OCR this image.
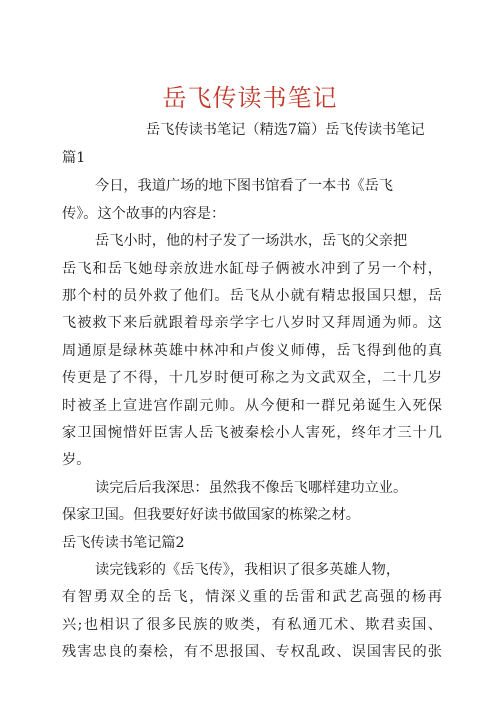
岳飞传读书笔记
岳飞传读书笔记（精选7篇）岳飞传读书笔记
篇1
今日，我道广场的地下图书馆看了一本书《岳飞
传》。这个故事的内容是：
岳飞小时，他的村子发了一场洪水，岳飞的父亲把
岳飞和岳飞她母亲放进水缸母子俩被水冲到了另一个村，
那个村的员外救了他们。岳飞从小就有精忠报国只想，岳
飞被救下来后就跟着母亲学字七八岁时又拜周通为师。这
周通原是绿林英雄中林冲和卢俊义师傅，岳飞得到他的真
传更是了不得，十几岁时便可称之为文武双全，二十几岁
时被圣上宣进宫作副元帅。从今便和一群兄弟诞生入死保
家卫国惋惜奸臣害人岳飞被秦桧小人害死，终年才三十几
岁。
读完后后我深思：虽然我不像岳飞哪样建功立业。
保家卫国。但我要好好读书做国家的栋梁之材。
岳飞传读书笔记篇2
读完钱彩的《岳飞传》，我相识了很多英雄人物，
有智勇双全的岳飞，情深义重的岳雷和武艺高强的杨再
兴;也相识了很多民族的败类，有私通兀术、欺君卖国、
残害忠良的秦桧，有不思报国、专权乱政、误国害民的张
